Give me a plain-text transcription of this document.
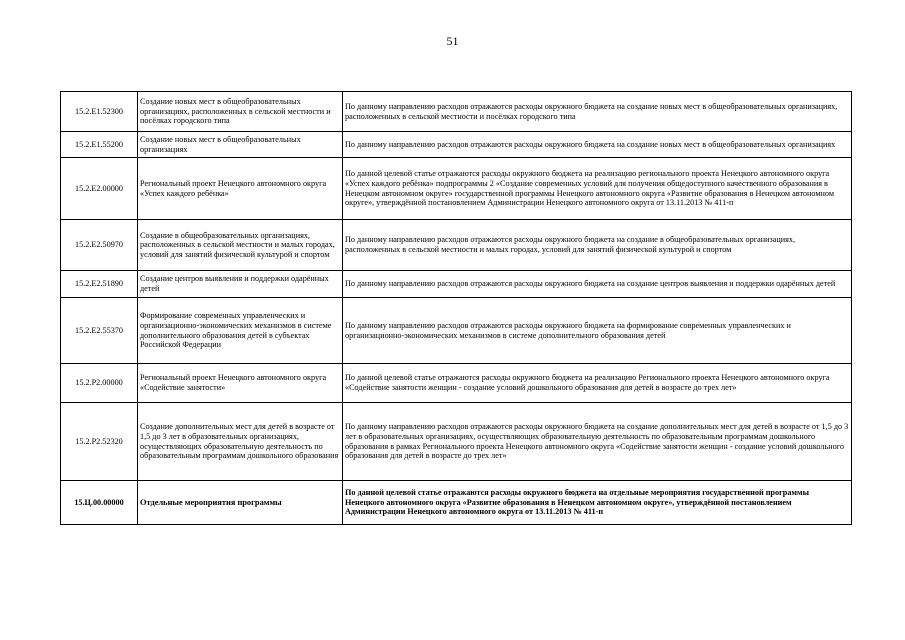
51
15.2.E1.52300	Создание новых мест в общеобразовательных организациях, расположенных в сельской местности и посёлках городского типа	По данному направлению расходов отражаются расходы окружного бюджета на создание новых мест в общеобразовательных организациях, расположенных в сельской местности и посёлках городского типа
15.2.E1.55200	Создание новых мест в общеобразовательных организациях	По данному направлению расходов отражаются расходы окружного бюджета на создание новых мест в общеобразовательных организациях
15.2.E2.00000	Региональный проект Ненецкого автономного округа «Успех каждого ребёнка»	По данной целевой статье отражаются расходы окружного бюджета на реализацию регионального проекта Ненецкого автономного округа «Успех каждого ребёнка» подпрограммы 2 «Создание современных условий для получения общедоступного качественного образования в Ненецком автономном округе» государственной программы Ненецкого автономного округа «Развитие образования в Ненецком автономном округе», утверждённой постановлением Администрации Ненецкого автономного округа от 13.11.2013 № 411-п
15.2.E2.50970	Создание в общеобразовательных организациях, расположенных в сельской местности и малых городах, условий для занятий физической культурой и спортом	По данному направлению расходов отражаются расходы окружного бюджета на создание в общеобразовательных организациях, расположенных в сельской местности и малых городах, условий для занятий физической культурой и спортом
15.2.E2.51890	Создание центров выявления и поддержки одарённых детей	По данному направлению расходов отражаются расходы окружного бюджета на создание центров выявления и поддержки одарённых детей
15.2.E2.55370	Формирование современных управленческих и организационно-экономических механизмов в системе дополнительного образования детей в субъектах Российской Федерации	По данному направлению расходов отражаются расходы окружного бюджета на формирование современных управленческих и организационно-экономических механизмов в системе дополнительного образования детей
15.2.P2.00000	Региональный проект Ненецкого автономного округа «Содействие занятости»	По данной целевой статье отражаются расходы окружного бюджета на реализацию Регионального проекта Ненецкого автономного округа «Содействие занятости женщин - создание условий дошкольного образования для детей в возрасте до трех лет»
15.2.P2.52320	Создание дополнительных мест для детей в возрасте от 1,5 до 3 лет в образовательных организациях, осуществляющих образовательную деятельность по образовательным программам дошкольного образования	По данному направлению расходов отражаются расходы окружного бюджета на создание дополнительных мест для детей в возрасте от 1,5 до 3 лет в образовательных организациях, осуществляющих образовательную деятельность по образовательным программам дошкольного образования в рамках Регионального проекта Ненецкого автономного округа «Содействие занятости женщин - создание условий дошкольного образования для детей в возрасте до трех лет»
15.Ц.00.00000	Отдельные мероприятия программы	По данной целевой статье отражаются расходы окружного бюджета на отдельные мероприятия государственной программы Ненецкого автономного округа «Развитие образования в Ненецком автономном округе», утверждённой постановлением Администрации Ненецкого автономного округа от 13.11.2013 № 411-п
